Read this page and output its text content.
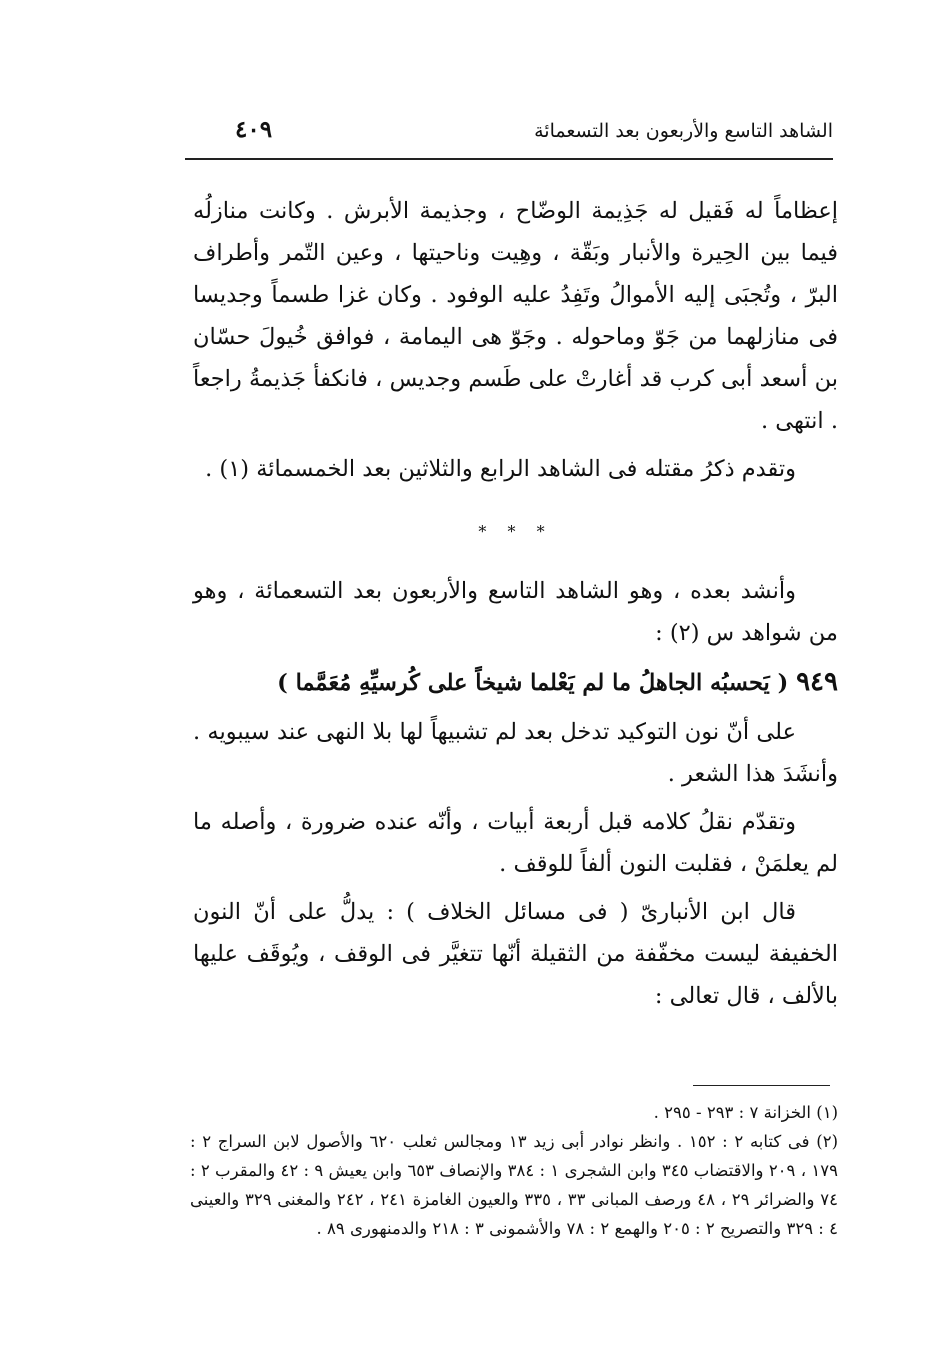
الشاهد التاسع والأربعون بعد التسعمائة
٤٠٩

إعظاماً له فَقيل له جَذِيمة الوضّاح ، وجذيمة الأبرش . وكانت منازلُه فيما بين الحِيرة والأنبار وبَقّة ، وهِيت وناحيتها ، وعين التّمر وأطراف البرّ ، وتُجبَى إليه الأموالُ وتَفِدُ عليه الوفود . وكان غزا طسماً وجديسا فى منازلهما من جَوّ وماحوله . وجَوّ هى اليمامة ، فوافق خُيولَ حسّان بن أسعد أبى كرب قد أغارتْ على طَسم وجديس ، فانكفأ جَذيمةُ راجعاً . انتهى .

وتقدم ذكرُ مقتله فى الشاهد الرابع والثلاثين بعد الخمسمائة (١) .

* * *

وأنشد بعده ، وهو الشاهد التاسع والأربعون بعد التسعمائة ، وهو من شواهد س (٢) :

٩٤٩ ( يَحسبُه الجاهلُ ما لم يَعْلما شيخاً على كُرسيِّهِ مُعَمَّما )

على أنّ نون التوكيد تدخل بعد لم تشبيهاً لها بلا النهى عند سيبويه . وأنشَدَ هذا الشعر .

وتقدّم نقلُ كلامه قبل أربعة أبيات ، وأنّه عنده ضرورة ، وأصله ما لم يعلمَنْ ، فقلبت النون ألفاً للوقف .

قال ابن الأنبارىّ ( فى مسائل الخلاف ) : يدلُّ على أنّ النون الخفيفة ليست مخفّفة من الثقيلة أنّها تتغيَّر فى الوقف ، ويُوقَف عليها بالألف ، قال تعالى :

(١) الخزانة ٧ : ٢٩٣ - ٢٩٥ .

(٢) فى كتابه ٢ : ١٥٢ . وانظر نوادر أبى زيد ١٣ ومجالس ثعلب ٦٢٠ والأصول لابن السراج ٢ : ١٧٩ ، ٢٠٩ والاقتضاب ٣٤٥ وابن الشجرى ١ : ٣٨٤ والإنصاف ٦٥٣ وابن يعيش ٩ : ٤٢ والمقرب ٢ : ٧٤ والضرائر ٢٩ ، ٤٨ ورصف المبانى ٣٣ ، ٣٣٥ والعيون الغامزة ٢٤١ ، ٢٤٢ والمغنى ٣٢٩ والعينى ٤ : ٣٢٩ والتصريح ٢ : ٢٠٥ والهمع ٢ : ٧٨ والأشمونى ٣ : ٢١٨ والدمنهورى ٨٩ .
